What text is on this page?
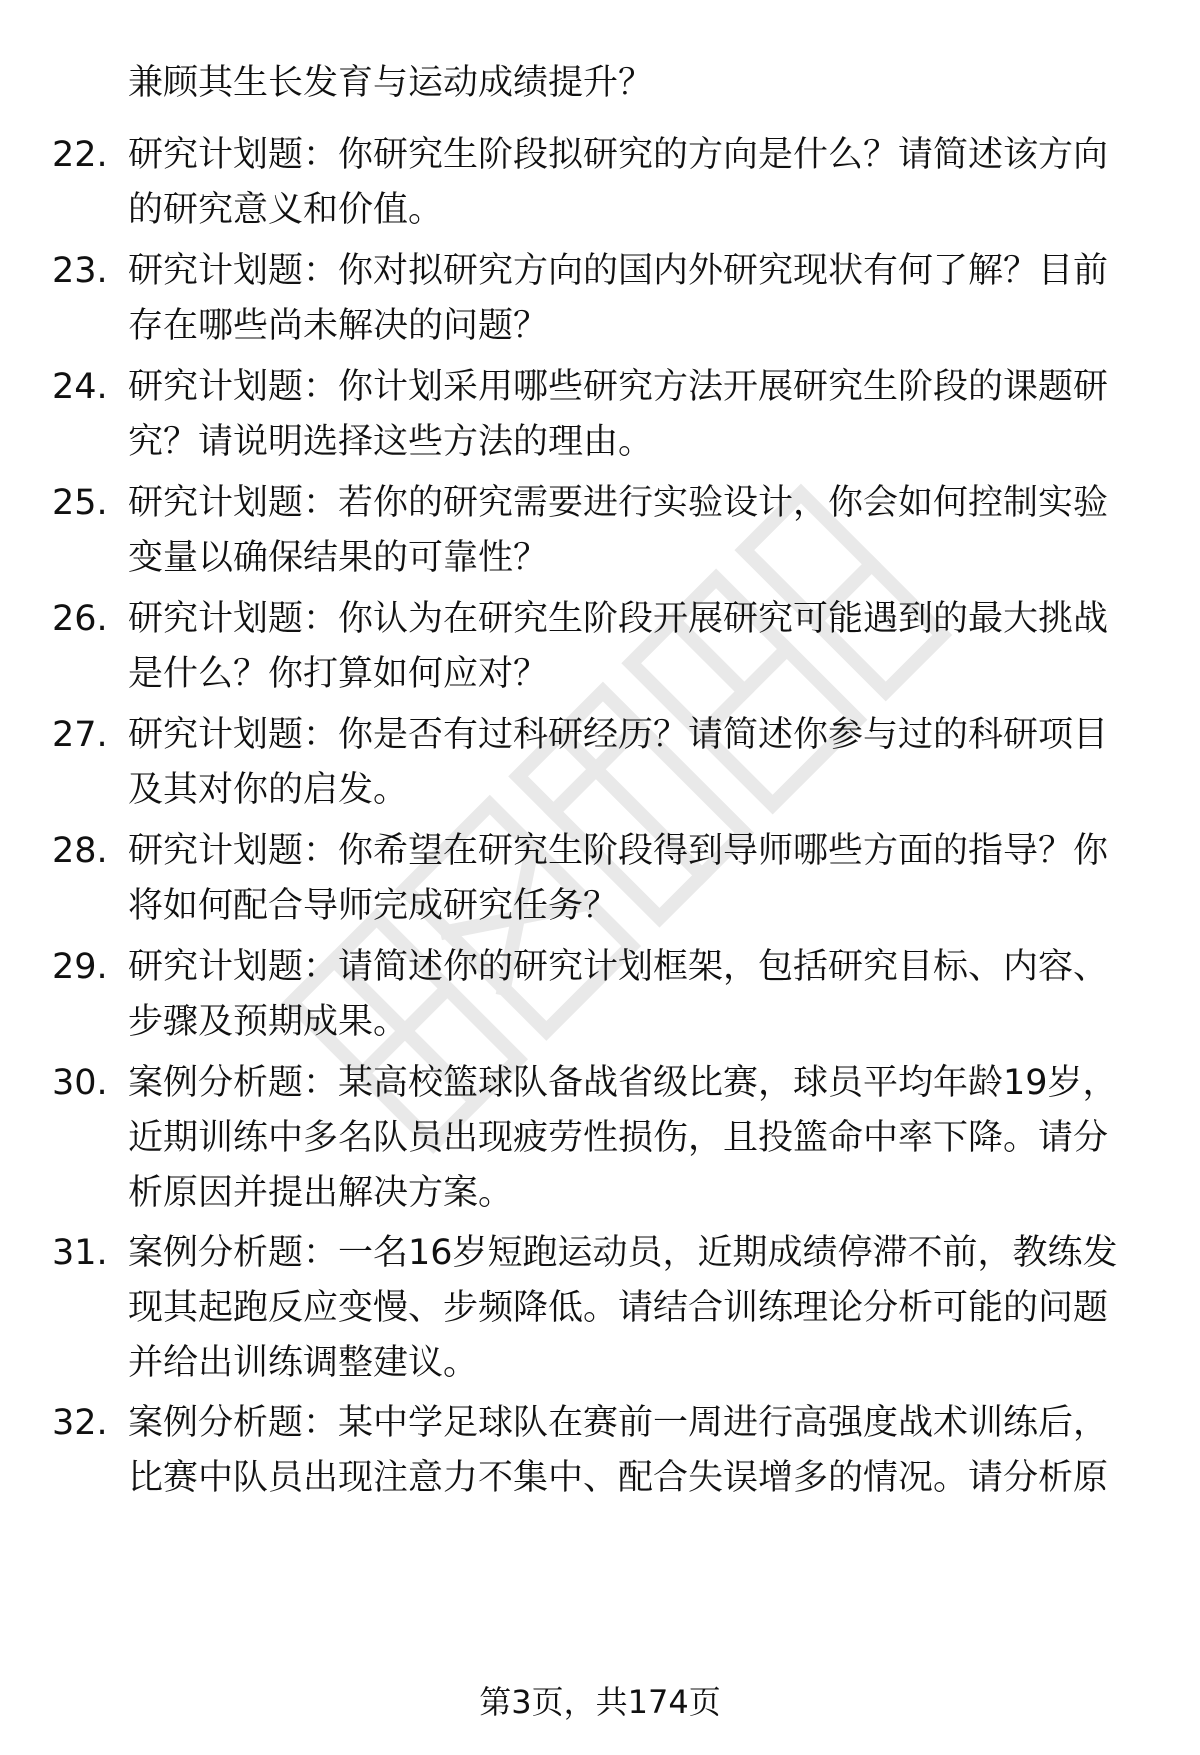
兼顾其生长发育与运动成绩提升？
22. 研究计划题：你研究生阶段拟研究的方向是什么？请简述该方向
的研究意义和价值。
23. 研究计划题：你对拟研究方向的国内外研究现状有何了解？目前
存在哪些尚未解决的问题？
24. 研究计划题：你计划采用哪些研究方法开展研究生阶段的课题研
究？请说明选择这些方法的理由。
25. 研究计划题：若你的研究需要进行实验设计，你会如何控制实验
变量以确保结果的可靠性？
26. 研究计划题：你认为在研究生阶段开展研究可能遇到的最大挑战
是什么？你打算如何应对？
27. 研究计划题：你是否有过科研经历？请简述你参与过的科研项目
及其对你的启发。
28. 研究计划题：你希望在研究生阶段得到导师哪些方面的指导？你
将如何配合导师完成研究任务？
29. 研究计划题：请简述你的研究计划框架，包括研究目标、内容、
步骤及预期成果。
30. 案例分析题：某高校篮球队备战省级比赛，球员平均年龄19岁，
近期训练中多名队员出现疲劳性损伤，且投篮命中率下降。请分
析原因并提出解决方案。
31. 案例分析题：一名16岁短跑运动员，近期成绩停滞不前，教练发
现其起跑反应变慢、步频降低。请结合训练理论分析可能的问题
并给出训练调整建议。
32. 案例分析题：某中学足球队在赛前一周进行高强度战术训练后，
比赛中队员出现注意力不集中、配合失误增多的情况。请分析原
第3页，共174页
